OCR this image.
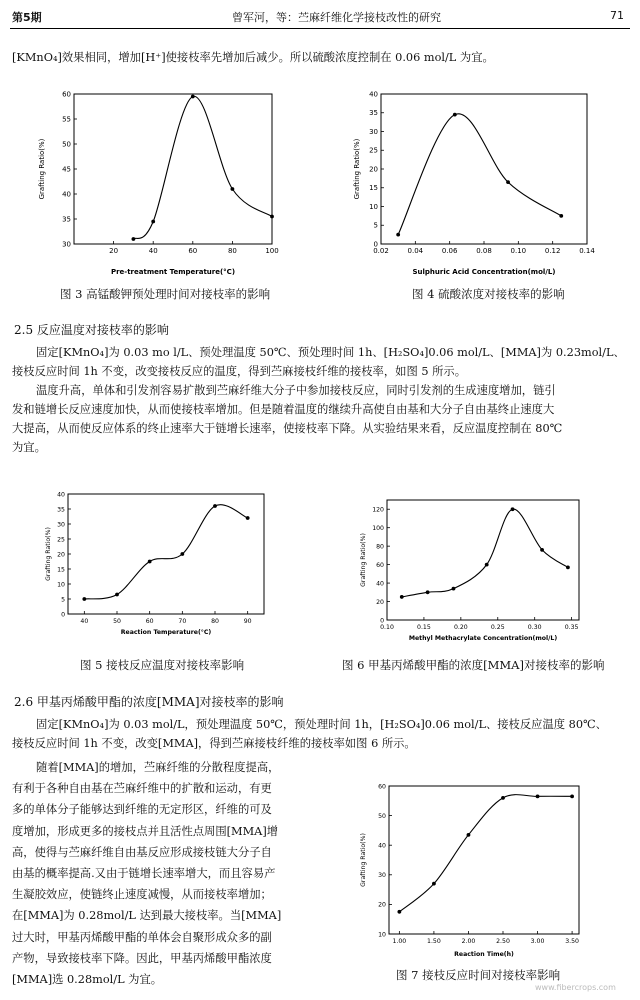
第5期	曾军河，等：苎麻纤维化学接枝改性的研究	71

[KMnO₄]效果相同，增加[H⁺]使接枝率先增加后减少。所以硫酸浓度控制在 0.06 mol/L 为宜。

20	40	60	80	100
30
35
40
45
50
55
60
Pre-treatment Temperature(°C)
Grafting Ratio(%)
0.02	0.04	0.06	0.08	0.10	0.12	0.14
0
5
10
15
20
25
30
35
40
Sulphuric Acid Concentration(mol/L)
Grafting Ratio(%)

图 3 高锰酸钾预处理时间对接枝率的影响	图 4 硫酸浓度对接枝率的影响

2.5 反应温度对接枝率的影响

固定[KMnO₄]为 0.03 mo l/L、预处理温度 50℃、预处理时间 1h、[H₂SO₄]0.06 mol/L、[MMA]为 0.23mol/L、

接枝反应时间 1h 不变，改变接枝反应的温度，得到苎麻接枝纤维的接枝率，如图 5 所示。

温度升高，单体和引发剂容易扩散到苎麻纤维大分子中参加接枝反应，同时引发剂的生成速度增加，链引

发和链增长反应速度加快，从而使接枝率增加。但是随着温度的继续升高使自由基和大分子自由基终止速度大

大提高，从而使反应体系的终止速率大于链增长速率，使接枝率下降。从实验结果来看，反应温度控制在 80℃

为宜。

40	50	60	70	80	90
0
5
10
15
20
25
30
35
40
Reaction Temperature(°C)
Grafting Ratio(%)
0.10	0.15	0.20	0.25	0.30	0.35
0
20
40
60
80
100
120
Methyl Methacrylate Concentration(mol/L)
Grafting Ratio(%)

图 5 接枝反应温度对接枝率影响	图 6 甲基丙烯酸甲酯的浓度[MMA]对接枝率的影响

2.6 甲基丙烯酸甲酯的浓度[MMA]对接枝率的影响

固定[KMnO₄]为 0.03 mol/L，预处理温度 50℃，预处理时间 1h，[H₂SO₄]0.06 mol/L、接枝反应温度 80℃、

接枝反应时间 1h 不变，改变[MMA]，得到苎麻接枝纤维的接枝率如图 6 所示。

随着[MMA]的增加，苎麻纤维的分散程度提高，

有利于各种自由基在苎麻纤维中的扩散和运动，有更

多的单体分子能够达到纤维的无定形区，纤维的可及

度增加，形成更多的接枝点并且活性点周围[MMA]增

高，使得与苎麻纤维自由基反应形成接枝链大分子自

由基的概率提高.又由于链增长速率增大，而且容易产

生凝胶效应，使链终止速度减慢，从而接枝率增加；

在[MMA]为 0.28mol/L 达到最大接枝率。当[MMA]

过大时，甲基丙烯酸甲酯的单体会自聚形成众多的副

产物，导致接枝率下降。因此，甲基丙烯酸甲酯浓度

[MMA]选 0.28mol/L 为宜。

1.00	1.50	2.00	2.50	3.00	3.50
10
20
30
40
50
60
Reaction Time(h)
Grafting Ratio(%)

图 7 接枝反应时间对接枝率影响

www.fibercrops.com
